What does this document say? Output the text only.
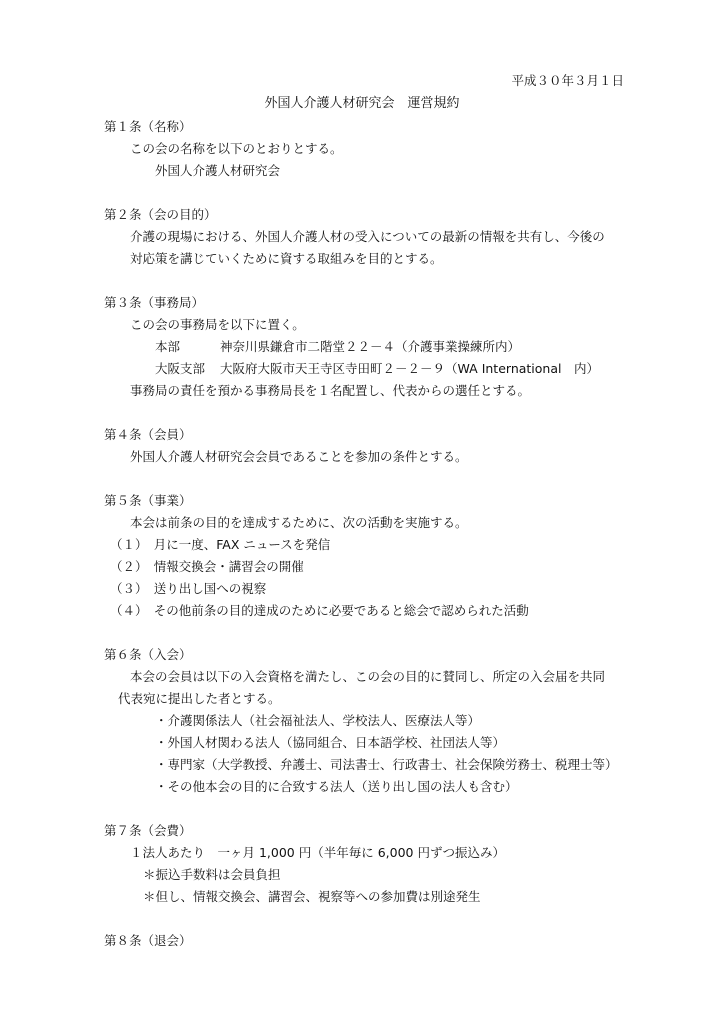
平成３０年３月１日
外国人介護人材研究会　運営規約
第１条（名称）
この会の名称を以下のとおりとする。
外国人介護人材研究会
第２条（会の目的）
介護の現場における、外国人介護人材の受入についての最新の情報を共有し、今後の
対応策を講じていくために資する取組みを目的とする。
第３条（事務局）
この会の事務局を以下に置く。
本部	神奈川県鎌倉市二階堂２２－４（介護事業操練所内）
大阪支部 大阪府大阪市天王寺区寺田町２－２－９（WA International　内）
事務局の責任を預かる事務局長を１名配置し、代表からの選任とする。
第４条（会員）
外国人介護人材研究会会員であることを参加の条件とする。
第５条（事業）
本会は前条の目的を達成するために、次の活動を実施する。
（１）　月に一度、FAX ニュースを発信
（２）　情報交換会・講習会の開催
（３）　送り出し国への視察
（４）　その他前条の目的達成のために必要であると総会で認められた活動
第６条（入会）
本会の会員は以下の入会資格を満たし、この会の目的に賛同し、所定の入会届を共同
代表宛に提出した者とする。
・介護関係法人（社会福祉法人、学校法人、医療法人等）
・外国人材関わる法人（協同組合、日本語学校、社団法人等）
・専門家（大学教授、弁護士、司法書士、行政書士、社会保険労務士、税理士等）
・その他本会の目的に合致する法人（送り出し国の法人も含む）
第７条（会費）
１法人あたり　一ヶ月 1,000 円（半年毎に 6,000 円ずつ振込み）
＊振込手数料は会員負担
＊但し、情報交換会、講習会、視察等への参加費は別途発生
第８条（退会）
